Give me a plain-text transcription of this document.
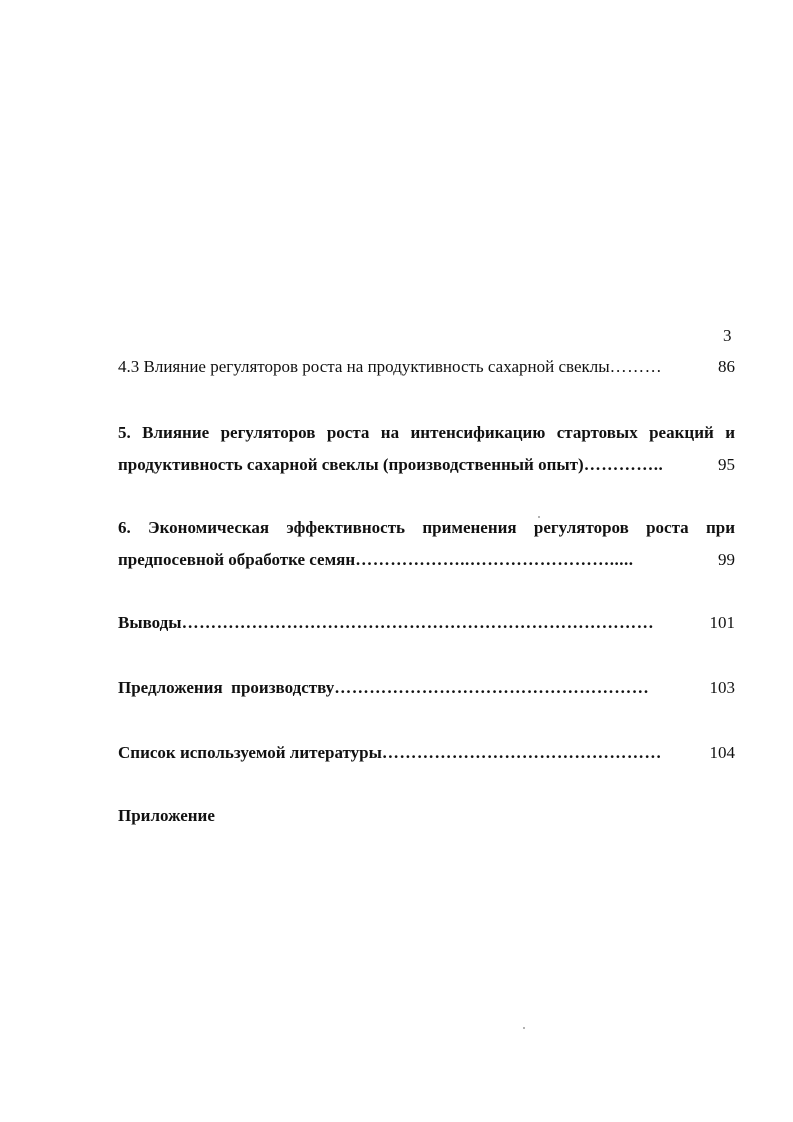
3
4.3 Влияние регуляторов роста на продуктивность сахарной свеклы ………	86
5. Влияние регуляторов роста на интенсификацию стартовых реакций и
продуктивность сахарной свеклы (производственный опыт) …………..	95
6. Экономическая эффективность применения регуляторов роста при
предпосевной обработке семян ………………..…………………….....	99
Выводы ………………………………………………………………………	101
Предложения  производству ………………………………………………	103
Список используемой литературы …………………………………………	104
Приложение
